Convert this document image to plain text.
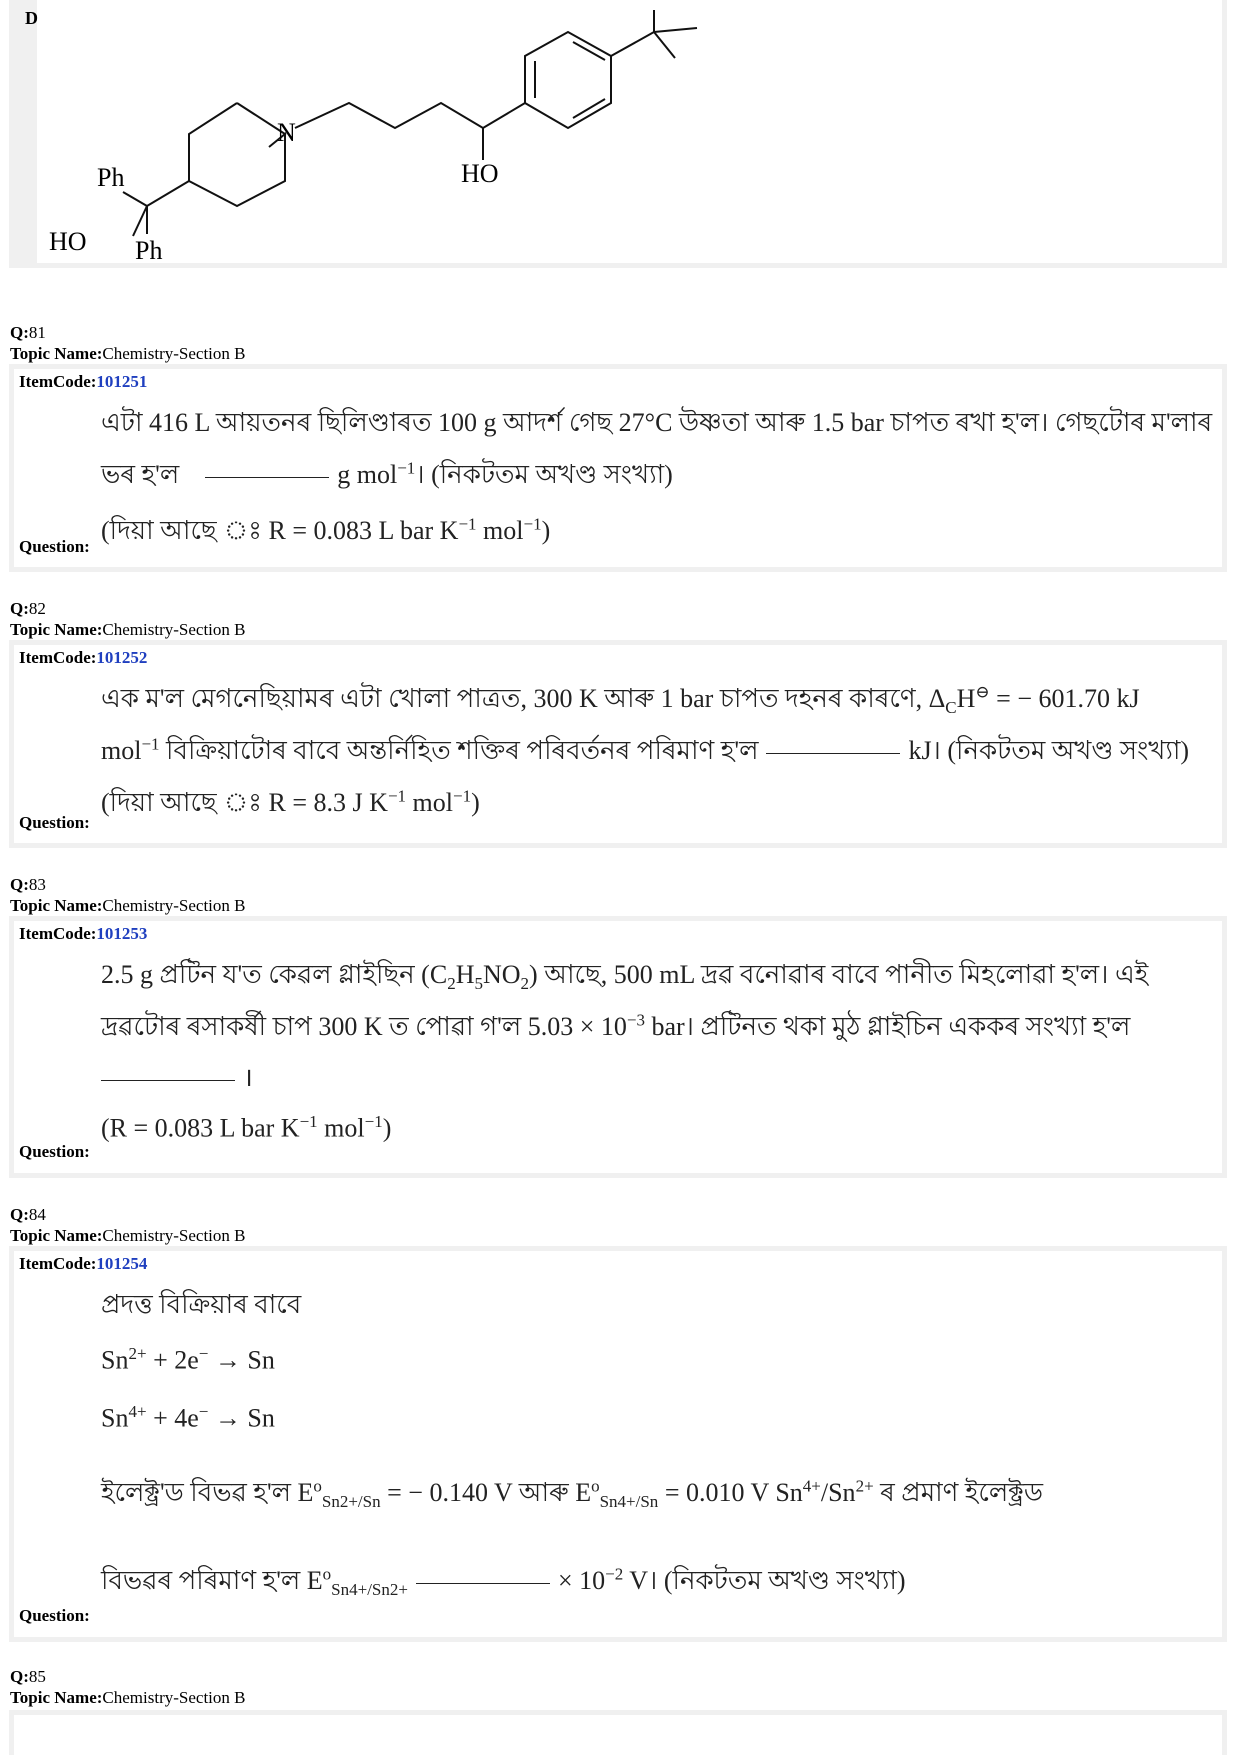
N
HO
Ph
Ph
HO
D
Q:81
Topic Name:Chemistry-Section B
ItemCode:101251
এটা 416 L আয়তনৰ ছিলিণ্ডাৰত 100 g আদৰ্শ গেছ 27°C উষ্ণতা আৰু 1.5 bar চাপত ৰখা হ'ল। গেছটোৰ ম'লাৰ
ভৰ হ'ল	g mol$^{-1}$। (নিকটতম অখণ্ড সংখ্যা)
(দিয়া আছে ঃ R = 0.083 L bar $K^{-1}$ mol$^{-1}$)
Question:
Q:82
Topic Name:Chemistry-Section B
ItemCode:101252
এক ম'ল মেগনেছিয়ামৰ এটা খোলা পাত্ৰত, 300 K আৰু 1 bar চাপত দহনৰ কাৰণে, $\Delta_CH^⊖$ = − 601.70 kJ
mol$^{-1}$ বিক্ৰিয়াটোৰ বাবে অন্তৰ্নিহিত শক্তিৰ পৰিবৰ্তনৰ পৰিমাণ হ'ল	kJ। (নিকটতম অখণ্ড সংখ্যা)
(দিয়া আছে ঃ R = 8.3 J $K^{-1}$ mol$^{-1}$)
Question:
Q:83
Topic Name:Chemistry-Section B
ItemCode:101253
2.5 g প্ৰটিন য'ত কেৱল গ্লাইছিন $(C_2H_5NO_2)$ আছে, 500 mL দ্ৰৱ বনোৱাৰ বাবে পানীত মিহলোৱা হ'ল। এই
দ্ৰৱটোৰ ৰসাকৰ্ষী চাপ 300 K ত পোৱা গ'ল $5.03 \times 10^{-3}$ bar। প্ৰটিনত থকা মুঠ গ্লাইচিন এককৰ সংখ্যা হ'ল
।
(R = 0.083 L bar $K^{-1}$ mol$^{-1}$)
Question:
Q:84
Topic Name:Chemistry-Section B
ItemCode:101254
প্ৰদত্ত বিক্ৰিয়াৰ বাবে
$Sn^{2+} + 2e^- \to Sn$
$Sn^{4+} + 4e^- \to Sn$
ইলেক্ট্ৰ'ড বিভৱ হ'ল $E^o_{Sn2+/Sn}$ = − 0.140 V আৰু $E^o_{Sn4+/Sn} = 0.010$ V $Sn^{4+}/Sn^{2+}$ ৰ প্ৰমাণ ইলেক্ট্ৰড
বিভৱৰ পৰিমাণ হ'ল $E^o_{Sn4+/Sn2+}$	× $10^{-2}$ V। (নিকটতম অখণ্ড সংখ্যা)
Question:
Q:85
Topic Name:Chemistry-Section B
